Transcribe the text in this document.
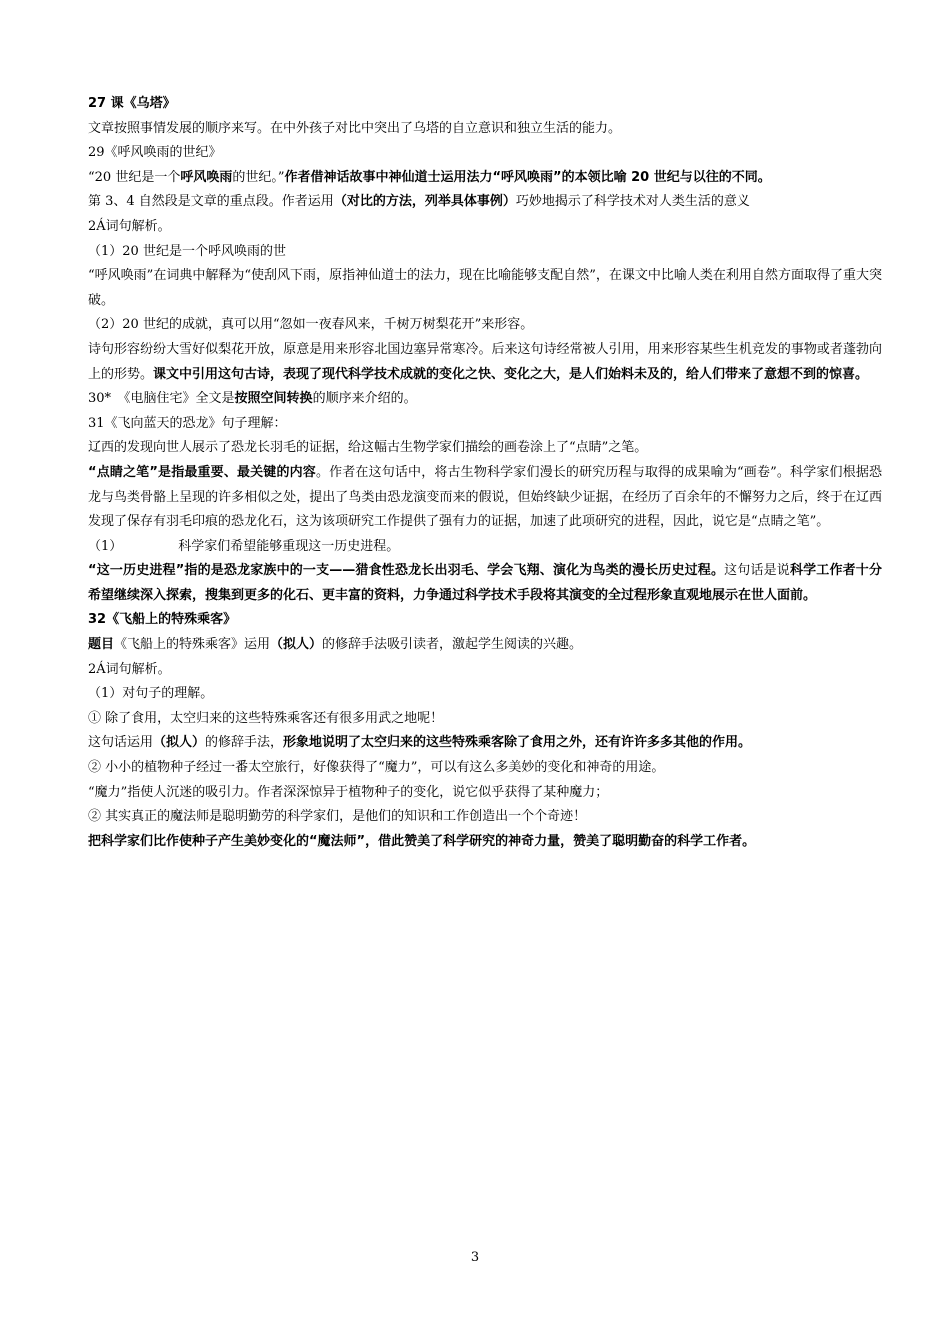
27 课《乌塔》
文章按照事情发展的顺序来写。在中外孩子对比中突出了乌塔的自立意识和独立生活的能力。
29《呼风唤雨的世纪》
“20 世纪是一个呼风唤雨的世纪。”作者借神话故事中神仙道士运用法力“呼风唤雨”的本领比喻 20 世纪与以往的不同。
第 3、4 自然段是文章的重点段。作者运用（对比的方法，列举具体事例）巧妙地揭示了科学技术对人类生活的意义
2Á词句解析。
（1）20 世纪是一个呼风唤雨的世
“呼风唤雨”在词典中解释为“使刮风下雨，原指神仙道士的法力，现在比喻能够支配自然”，在课文中比喻人类在利用自然方面取得了重大突破。
（2）20 世纪的成就，真可以用“忽如一夜春风来，千树万树梨花开”来形容。
诗句形容纷纷大雪好似梨花开放，原意是用来形容北国边塞异常寒冷。后来这句诗经常被人引用，用来形容某些生机竞发的事物或者蓬勃向上的形势。课文中引用这句古诗，表现了现代科学技术成就的变化之快、变化之大，是人们始料未及的，给人们带来了意想不到的惊喜。
30*　《电脑住宅》全文是按照空间转换的顺序来介绍的。
31《飞向蓝天的恐龙》句子理解：
辽西的发现向世人展示了恐龙长羽毛的证据，给这幅古生物学家们描绘的画卷涂上了“点睛”之笔。
“点睛之笔”是指最重要、最关键的内容。作者在这句话中，将古生物科学家们漫长的研究历程与取得的成果喻为“画卷”。科学家们根据恐龙与鸟类骨骼上呈现的许多相似之处，提出了鸟类由恐龙演变而来的假说，但始终缺少证据，在经历了百余年的不懈努力之后，终于在辽西发现了保存有羽毛印痕的恐龙化石，这为该项研究工作提供了强有力的证据，加速了此项研究的进程，因此，说它是“点睛之笔”。
（1）	科学家们希望能够重现这一历史进程。
“这一历史进程”指的是恐龙家族中的一支——猎食性恐龙长出羽毛、学会飞翔、演化为鸟类的漫长历史过程。这句话是说科学工作者十分希望继续深入探索，搜集到更多的化石、更丰富的资料，力争通过科学技术手段将其演变的全过程形象直观地展示在世人面前。
32《飞船上的特殊乘客》
题目《飞船上的特殊乘客》运用（拟人）的修辞手法吸引读者，激起学生阅读的兴趣。
2Á词句解析。
（1）对句子的理解。
① 除了食用，太空归来的这些特殊乘客还有很多用武之地呢！
这句话运用（拟人）的修辞手法，形象地说明了太空归来的这些特殊乘客除了食用之外，还有许许多多其他的作用。
② 小小的植物种子经过一番太空旅行，好像获得了“魔力”，可以有这么多美妙的变化和神奇的用途。
“魔力”指使人沉迷的吸引力。作者深深惊异于植物种子的变化，说它似乎获得了某种魔力；
② 其实真正的魔法师是聪明勤劳的科学家们，是他们的知识和工作创造出一个个奇迹！
把科学家们比作使种子产生美妙变化的“魔法师”，借此赞美了科学研究的神奇力量，赞美了聪明勤奋的科学工作者。
3
